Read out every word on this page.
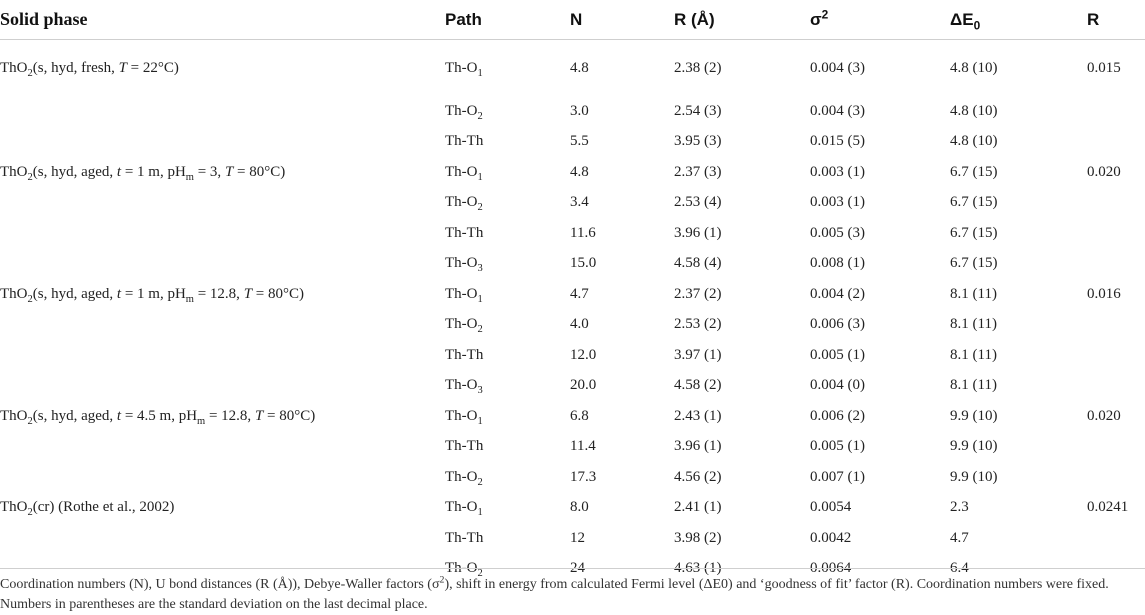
Solid phase	Path	N	R (Å)	$\sigma^2$	$\Delta E_0$	R
ThO$_2$(s, hyd, fresh, T = 22°C)	$Th-O_1$	4.8	2.38 (2)	0.004 (3)	4.8 (10)	0.015
	$Th-O_2$	3.0	2.54 (3)	0.004 (3)	4.8 (10)	
	Th-Th	5.5	3.95 (3)	0.015 (5)	4.8 (10)	
ThO$_2$(s, hyd, aged, t = 1 m, $pH_m = 3$, T = 80°C)	$Th-O_1$	4.8	2.37 (3)	0.003 (1)	6.7 (15)	0.020
	$Th-O_2$	3.4	2.53 (4)	0.003 (1)	6.7 (15)	
	Th-Th	11.6	3.96 (1)	0.005 (3)	6.7 (15)	
	$Th-O_3$	15.0	4.58 (4)	0.008 (1)	6.7 (15)	
ThO$_2$(s, hyd, aged, t = 1 m, $pH_m = 12.8$, T = 80°C)	$Th-O_1$	4.7	2.37 (2)	0.004 (2)	8.1 (11)	0.016
	$Th-O_2$	4.0	2.53 (2)	0.006 (3)	8.1 (11)	
	Th-Th	12.0	3.97 (1)	0.005 (1)	8.1 (11)	
	$Th-O_3$	20.0	4.58 (2)	0.004 (0)	8.1 (11)	
ThO$_2$(s, hyd, aged, t = 4.5 m, $pH_m = 12.8$, T = 80°C)	$Th-O_1$	6.8	2.43 (1)	0.006 (2)	9.9 (10)	0.020
	Th-Th	11.4	3.96 (1)	0.005 (1)	9.9 (10)	
	$Th-O_2$	17.3	4.56 (2)	0.007 (1)	9.9 (10)	
ThO$_2$(cr) (Rothe et al., 2002)	$Th-O_1$	8.0	2.41 (1)	0.0054	2.3	0.0241
	Th-Th	12	3.98 (2)	0.0042	4.7	
	$Th-O_2$	24	4.63 (1)	0.0064	6.4	
Coordination numbers (N), U bond distances (R (Å)), Debye-Waller factors $(\sigma^2)$, shift in energy from calculated Fermi level (ΔE0) and ‘goodness of fit’ factor (R). Coordination numbers were fixed. Numbers in parentheses are the standard deviation on the last decimal place.
